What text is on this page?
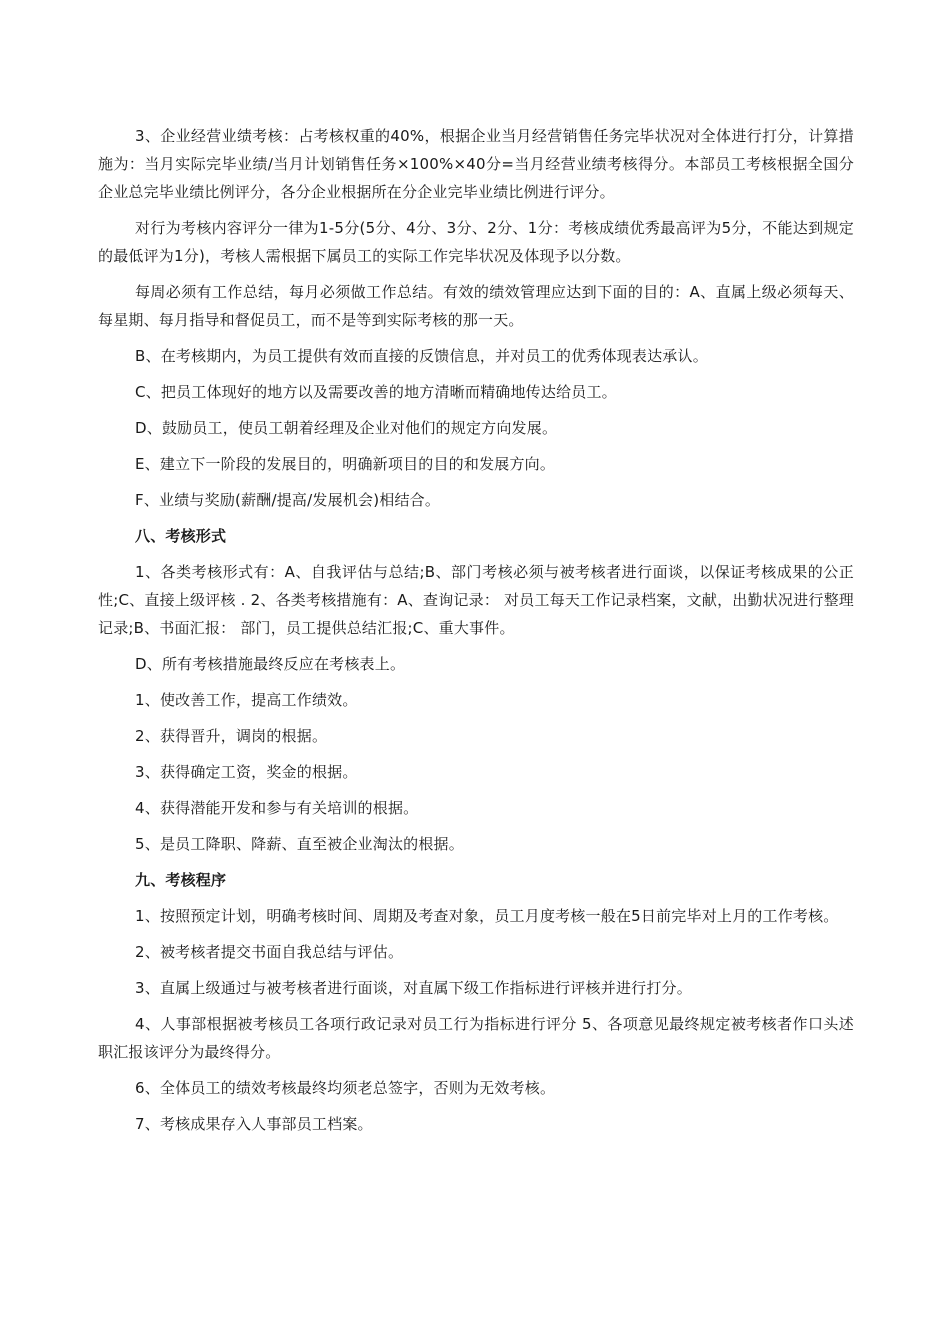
3、企业经营业绩考核：占考核权重的40%，根据企业当月经营销售任务完毕状况对全体进行打分，计算措施为：当月实际完毕业绩/当月计划销售任务×100%×40分=当月经营业绩考核得分。本部员工考核根据全国分企业总完毕业绩比例评分，各分企业根据所在分企业完毕业绩比例进行评分。

对行为考核内容评分一律为1-5分(5分、4分、3分、2分、1分：考核成绩优秀最高评为5分，不能达到规定的最低评为1分)，考核人需根据下属员工的实际工作完毕状况及体现予以分数。

每周必须有工作总结，每月必须做工作总结。有效的绩效管理应达到下面的目的：A、直属上级必须每天、每星期、每月指导和督促员工，而不是等到实际考核的那一天。

B、在考核期内，为员工提供有效而直接的反馈信息，并对员工的优秀体现表达承认。

C、把员工体现好的地方以及需要改善的地方清晰而精确地传达给员工。

D、鼓励员工，使员工朝着经理及企业对他们的规定方向发展。

E、建立下一阶段的发展目的，明确新项目的目的和发展方向。

F、业绩与奖励(薪酬/提高/发展机会)相结合。

八、考核形式

1、各类考核形式有：A、自我评估与总结;B、部门考核必须与被考核者进行面谈，以保证考核成果的公正性;C、直接上级评核 . 2、各类考核措施有：A、查询记录： 对员工每天工作记录档案，文献，出勤状况进行整理记录;B、书面汇报： 部门，员工提供总结汇报;C、重大事件。

D、所有考核措施最终反应在考核表上。

1、使改善工作，提高工作绩效。

2、获得晋升，调岗的根据。

3、获得确定工资，奖金的根据。

4、获得潜能开发和参与有关培训的根据。

5、是员工降职、降薪、直至被企业淘汰的根据。

九、考核程序

1、按照预定计划，明确考核时间、周期及考查对象，员工月度考核一般在5日前完毕对上月的工作考核。

2、被考核者提交书面自我总结与评估。

3、直属上级通过与被考核者进行面谈，对直属下级工作指标进行评核并进行打分。

4、人事部根据被考核员工各项行政记录对员工行为指标进行评分 5、各项意见最终规定被考核者作口头述职汇报该评分为最终得分。

6、全体员工的绩效考核最终均须老总签字，否则为无效考核。

7、考核成果存入人事部员工档案。
